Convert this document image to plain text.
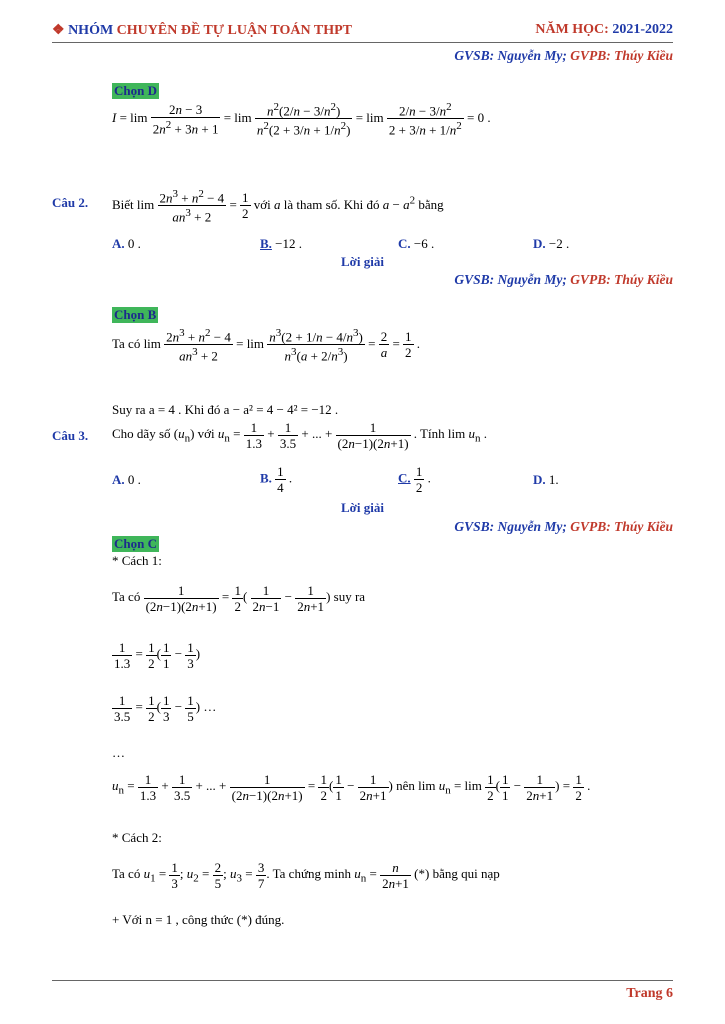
❖ NHÓM CHUYÊN ĐỀ TỰ LUẬN TOÁN THPT	NĂM HỌC: 2021-2022
GVSB: Nguyễn My; GVPB: Thúy Kiều
Chọn D
$I = \lim \frac{2n - 3}{2n^2 + 3n + 1} = \lim \frac{n^2(2/n - 3/n^2)}{n^2(2 + 3/n + 1/n^2)} = \lim \frac{2/n - 3/n^2}{2 + 3/n + 1/n^2} = 0$ .
Câu 2. Biết $\lim \frac{2n^3 + n^2 - 4}{an^3 + 2} = \frac{1}{2}$ với a là tham số. Khi đó $a - a^2$ bằng
A. 0 .	B. −12 .	C. −6 .	D. −2 .
Lời giải
GVSB: Nguyễn My; GVPB: Thúy Kiều
Chọn B
Ta có $\lim \frac{2n^3 + n^2 - 4}{an^3 + 2} = \lim \frac{n^3(2 + 1/n - 4/n^3)}{n^3(a + 2/n^3)} = \frac{2}{a} = \frac{1}{2}$ .
Suy ra a = 4 . Khi đó a − a² = 4 − 4² = −12 .
Câu 3. Cho dãy số $(u_n)$ với $u_n = \frac{1}{1.3} + \frac{1}{3.5}$ + ... + $\frac{1}{(2n-1)(2n+1)}$ . Tính $\lim u_n$ .
A. 0 .	B. $\frac{1}{4}$ .	C. $\frac{1}{2}$ .	D. 1.
Lời giải
GVSB: Nguyễn My; GVPB: Thúy Kiều
Chọn C
* Cách 1:
Ta có $\frac{1}{(2n-1)(2n+1)} = \frac{1}{2}$ ( $\frac{1}{2n-1} - \frac{1}{2n+1}$ ) suy ra
$\frac{1}{1.3} = \frac{1}{2}$ ( $\frac{1}{1} - \frac{1}{3}$ )
$\frac{1}{3.5} = \frac{1}{2}$ ( $\frac{1}{3} - \frac{1}{5}$ ) …
…
$u_n = \frac{1}{1.3} + \frac{1}{3.5}$ + ... + $\frac{1}{(2n-1)(2n+1)} = \frac{1}{2}$ ( $\frac{1}{1} - \frac{1}{2n+1}$ ) nên $\lim u_n = \lim \frac{1}{2}$ ( $\frac{1}{1} - \frac{1}{2n+1}$ ) = $\frac{1}{2}$ .
* Cách 2:
Ta có $u_1 = \frac{1}{3}$ ; $u_2 = \frac{2}{5}$ ; $u_3 = \frac{3}{7}$ . Ta chứng minh $u_n = \frac{n}{2n+1}$ (*) bằng qui nạp
+ Với n = 1 , công thức (*) đúng.
Trang 6
